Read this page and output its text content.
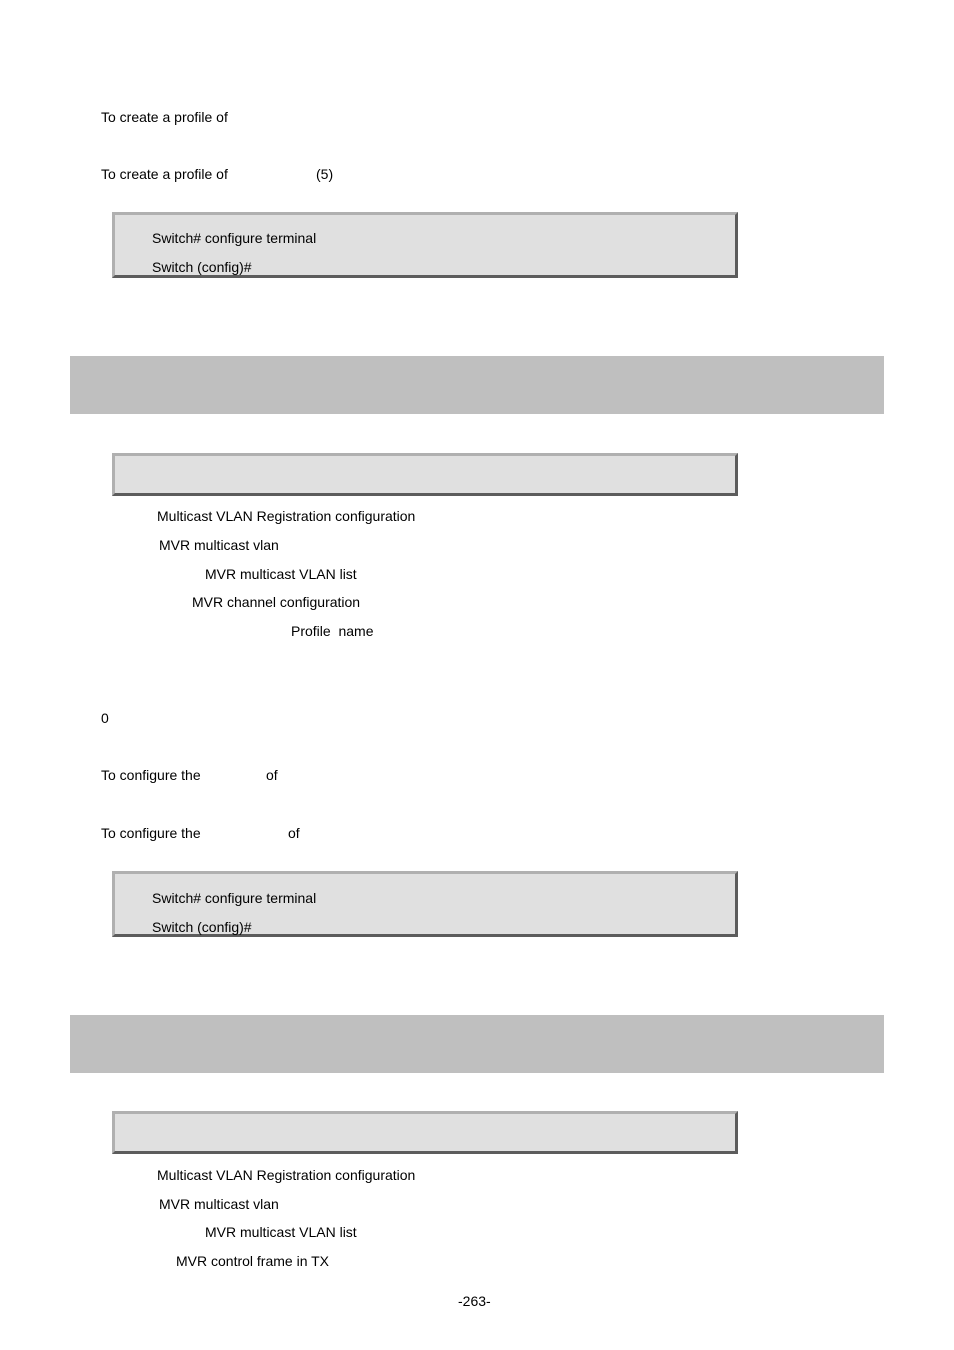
To create a profile of
To create a profile of	(5)
Switch# configure terminal
Switch (config)#
Multicast VLAN Registration configuration
MVR multicast vlan
MVR multicast VLAN list
MVR channel configuration
Profile  name
0
To configure the	of
To configure the	of
Switch# configure terminal
Switch (config)#
Multicast VLAN Registration configuration
MVR multicast vlan
MVR multicast VLAN list
MVR control frame in TX
-263-
